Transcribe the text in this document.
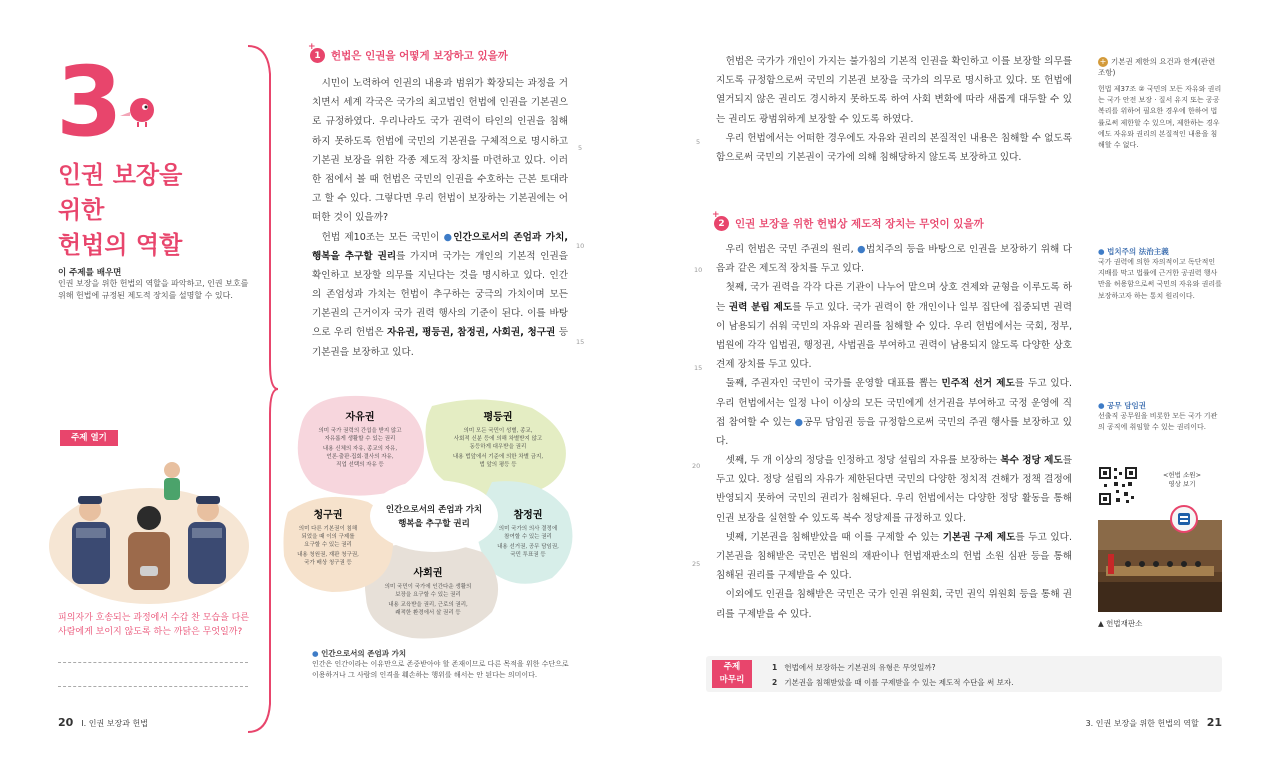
3
인권 보장을
위한
헌법의 역할
이 주제를 배우면
인권 보장을 위한 헌법의 역할을 파악하고, 인권 보호를 위해 헌법에 규정된 제도적 장치를 설명할 수 있다.
주제 열기
피의자가 호송되는 과정에서 수갑 찬 모습을 다른 사람에게 보이지 않도록 하는 까닭은 무엇일까?
20 I. 인권 보장과 헌법
+
1 헌법은 인권을 어떻게 보장하고 있을까

시민이 노력하여 인권의 내용과 범위가 확장되는 과정을 거치면서 세계 각국은 국가의 최고법인 헌법에 인권을 기본권으로 규정하였다. 우리나라도 국가 권력이 타인의 인권을 침해하지 못하도록 헌법에 국민의 기본권을 구체적으로 명시하고 기본권 보장을 위한 각종 제도적 장치를 마련하고 있다. 이러한 점에서 볼 때 헌법은 국민의 인권을 수호하는 근본 토대라고 할 수 있다. 그렇다면 우리 헌법이 보장하는 기본권에는 어떠한 것이 있을까?

헌법 제10조는 모든 국민이 ●인간으로서의 존엄과 가치, 행복을 추구할 권리를 가지며 국가는 개인의 기본적 인권을 확인하고 보장할 의무를 지닌다는 것을 명시하고 있다. 인간의 존엄성과 가치는 헌법이 추구하는 궁극의 가치이며 모든 기본권의 근거이자 국가 권력 행사의 기준이 된다. 이를 바탕으로 우리 헌법은 자유권, 평등권, 참정권, 사회권, 청구권 등 기본권을 보장하고 있다.

5
10
15
자유권
의미 국가 권력의 간섭을 받지 않고
자유롭게 생활할 수 있는 권리
내용 신체의 자유, 종교의 자유,
언론·출판·집회·결사의 자유,
직업 선택의 자유 등
평등권
의미 모든 국민이 성별, 종교,
사회적 신분 등에 의해 차별받지 않고
동등하게 대우받을 권리
내용 법앞에서 기준에 의한 차별 금지,
법 앞의 평등 등
참정권
의미 국가의 의사 결정에
참여할 수 있는 권리
내용 선거권, 공무 담임권,
국민 투표권 등
사회권
의미 국민이 국가에 인간다운 생활의
보장을 요구할 수 있는 권리
내용 교육받을 권리, 근로의 권리,
쾌적한 환경에서 살 권리 등
청구권
의미 다른 기본권이 침해
되었을 때 이의 구제를
요구할 수 있는 권리
내용 청원권, 재판 청구권,
국가 배상 청구권 등
인간으로서의 존엄과 가치
행복을 추구할 권리
● 인간으로서의 존엄과 가치
인간은 인간이라는 이유만으로 존중받아야 할 존재이므로 다른 목적을 위한 수단으로 이용하거나 그 사람의 인격을 훼손하는 행위를 해서는 안 된다는 의미이다.

헌법은 국가가 개인이 가지는 불가침의 기본적 인권을 확인하고 이를 보장할 의무를 지도록 규정함으로써 국민의 기본권 보장을 국가의 의무로 명시하고 있다. 또 헌법에 열거되지 않은 권리도 경시하지 못하도록 하여 사회 변화에 따라 새롭게 대두할 수 있는 권리도 광범위하게 보장할 수 있도록 하였다.

우리 헌법에서는 어떠한 경우에도 자유와 권리의 본질적인 내용은 침해할 수 없도록 함으로써 국민의 기본권이 국가에 의해 침해당하지 않도록 보장하고 있다.

5
+
2 인권 보장을 위한 헌법상 제도적 장치는 무엇이 있을까

우리 헌법은 국민 주권의 원리, ●법치주의 등을 바탕으로 인권을 보장하기 위해 다음과 같은 제도적 장치를 두고 있다.

첫째, 국가 권력을 각각 다른 기관이 나누어 맡으며 상호 견제와 균형을 이루도록 하는 권력 분립 제도를 두고 있다. 국가 권력이 한 개인이나 일부 집단에 집중되면 권력이 남용되기 쉬워 국민의 자유와 권리를 침해할 수 있다. 우리 헌법에서는 국회, 정부, 법원에 각각 입법권, 행정권, 사법권을 부여하고 권력이 남용되지 않도록 다양한 상호 견제 장치를 두고 있다.

둘째, 주권자인 국민이 국가를 운영할 대표를 뽑는 민주적 선거 제도를 두고 있다. 우리 헌법에서는 일정 나이 이상의 모든 국민에게 선거권을 부여하고 국정 운영에 직접 참여할 수 있는 ●공무 담임권 등을 규정함으로써 국민의 주권 행사를 보장하고 있다.

셋째, 두 개 이상의 정당을 인정하고 정당 설립의 자유를 보장하는 복수 정당 제도를 두고 있다. 정당 설립의 자유가 제한된다면 국민의 다양한 정치적 견해가 정책 결정에 반영되지 못하여 국민의 권리가 침해된다. 우리 헌법에서는 다양한 정당 활동을 통해 인권 보장을 실현할 수 있도록 복수 정당제를 규정하고 있다.

넷째, 기본권을 침해받았을 때 이를 구제할 수 있는 기본권 구제 제도를 두고 있다. 기본권을 침해받은 국민은 법원의 재판이나 헌법재판소의 헌법 소원 심판 등을 통해 침해된 권리를 구제받을 수 있다.

이외에도 인권을 침해받은 국민은 국가 인권 위원회, 국민 권익 위원회 등을 통해 권리를 구제받을 수 있다.

10
15
20
25
+ 기본권 제한의 요건과 한계(관련 조항)
헌법 제37조 ② 국민의 모든 자유와 권리는 국가 안전 보장 · 질서 유지 또는 공공복리를 위하여 필요한 경우에 한하여 법률로써 제한할 수 있으며, 제한하는 경우에도 자유와 권리의 본질적인 내용을 침해할 수 없다.
● 법치주의 法治主義
국가 권력에 의한 자의적이고 독단적인 지배를 막고 법률에 근거한 공권력 행사만을 허용함으로써 국민의 자유와 권리를 보장하고자 하는 통치 원리이다.
● 공무 담임권
선출직 공무원을 비롯한 모든 국가 기관의 공직에 취임할 수 있는 권리이다.
<헌법 소원>
영상 보기
▲ 헌법재판소
주제
마무리
1 헌법에서 보장하는 기본권의 유형은 무엇일까?
2 기본권을 침해받았을 때 이를 구제받을 수 있는 제도적 수단을 써 보자.
3. 인권 보장을 위한 헌법의 역할 21
